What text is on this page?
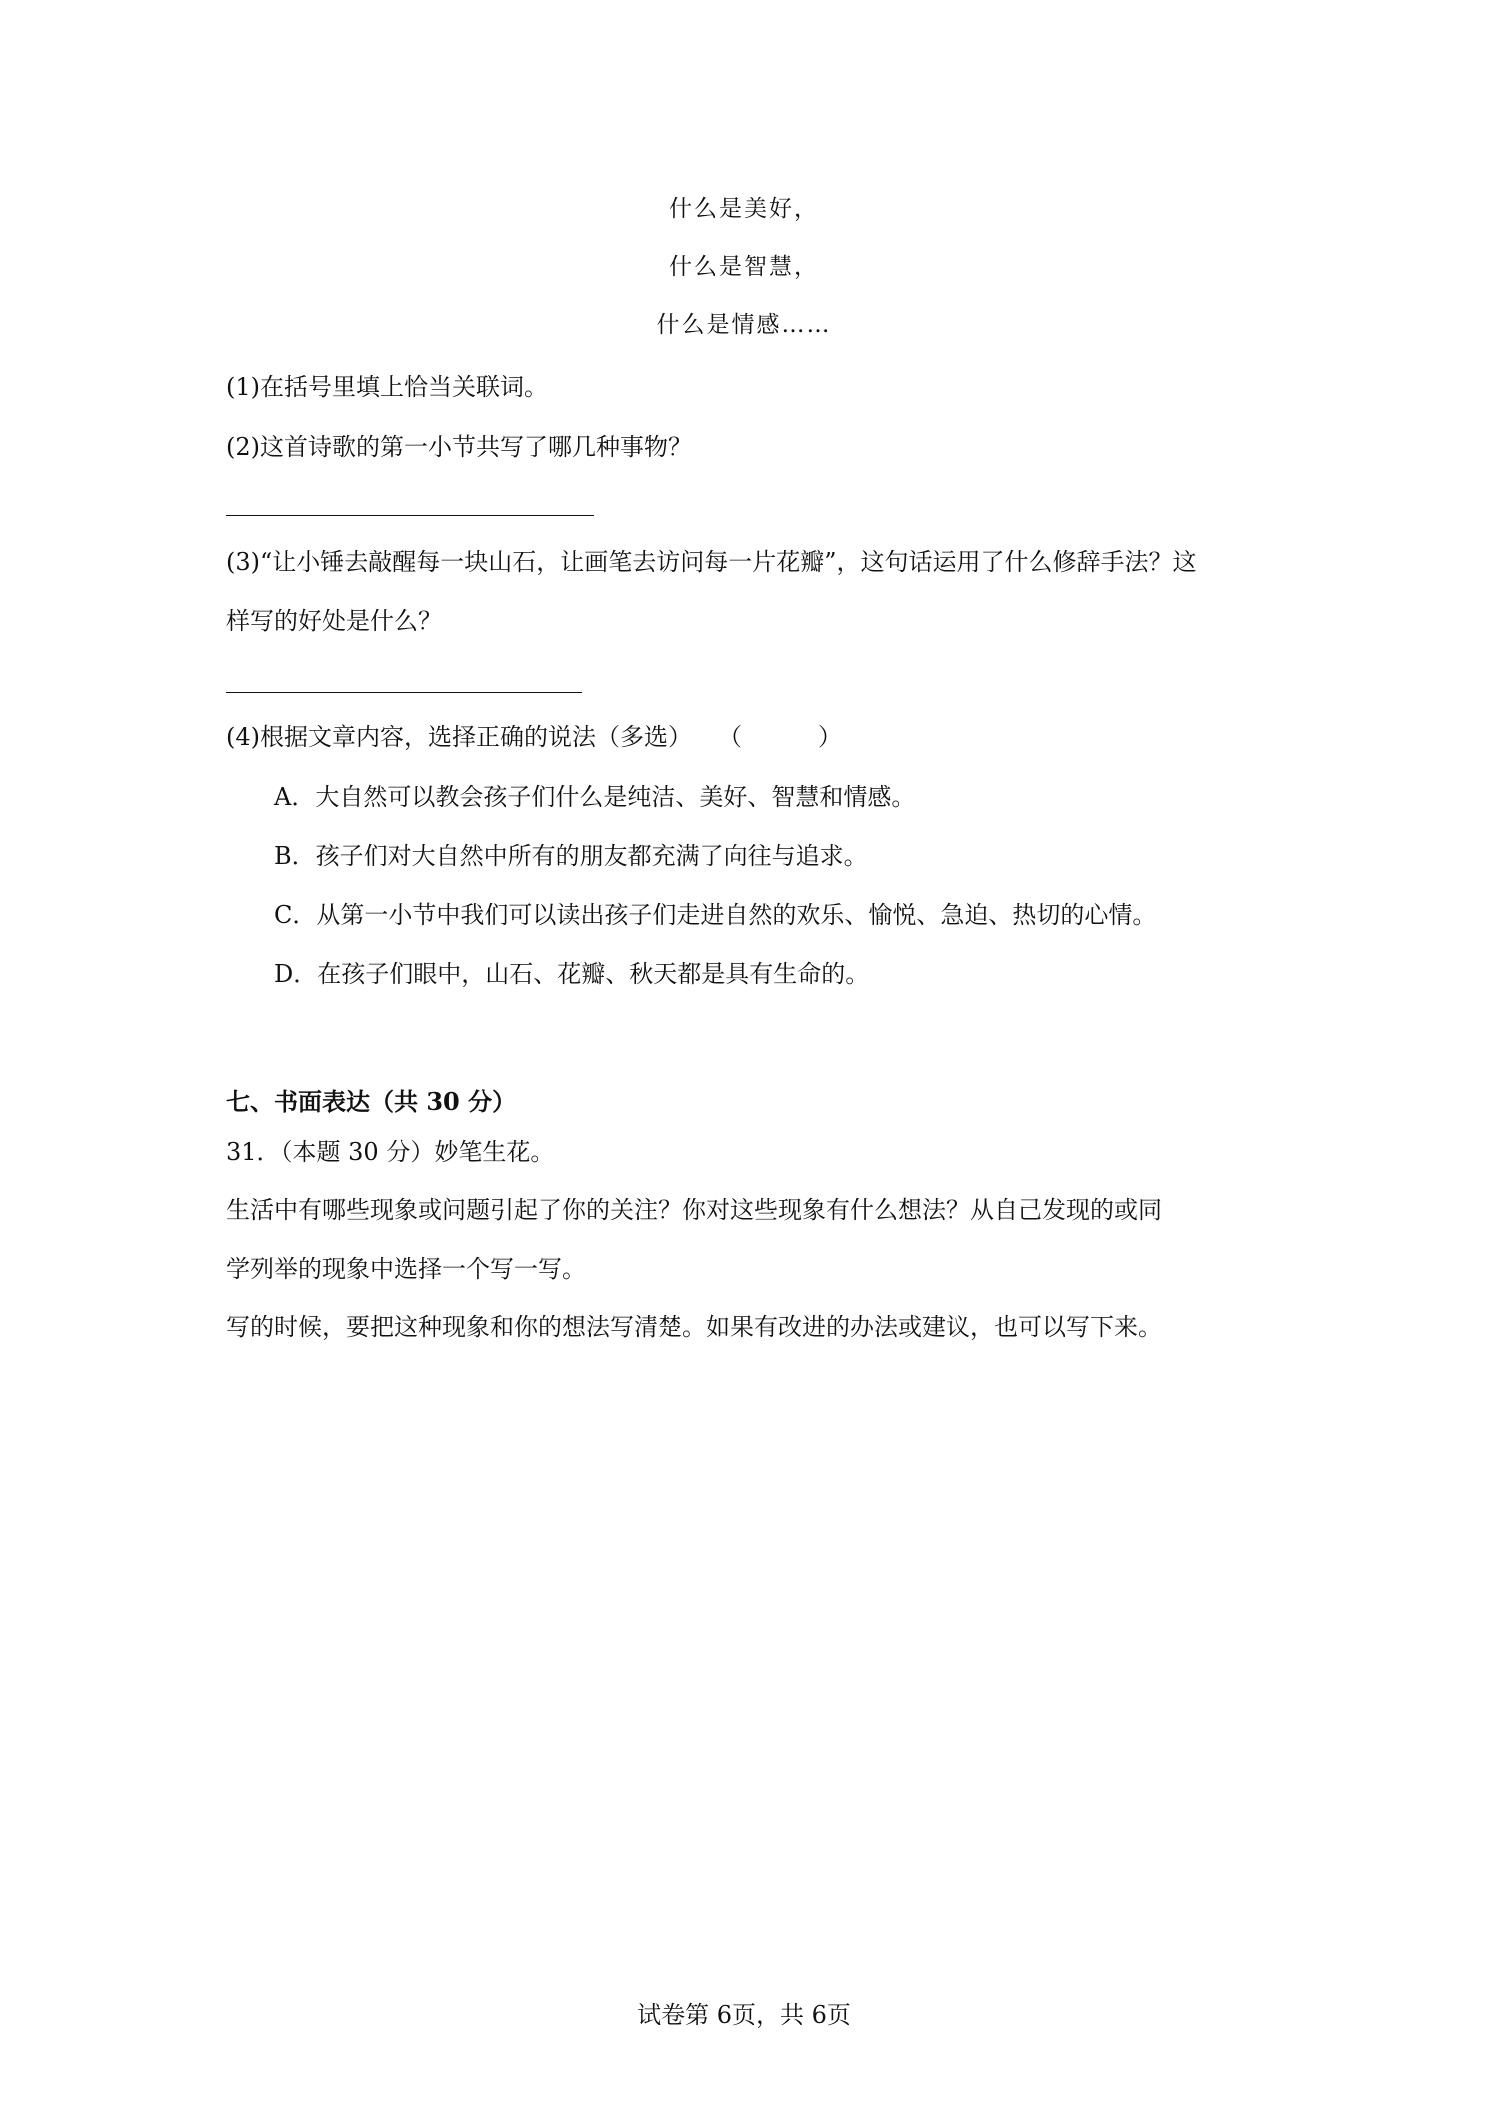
什么是美好，
什么是智慧，
什么是情感……
(1)在括号里填上恰当关联词。
(2)这首诗歌的第一小节共写了哪几种事物？
(3)“让小锤去敲醒每一块山石，让画笔去访问每一片花瓣”，这句话运用了什么修辞手法？这
样写的好处是什么？
(4)根据文章内容，选择正确的说法（多选） （	）
A．大自然可以教会孩子们什么是纯洁、美好、智慧和情感。
B．孩子们对大自然中所有的朋友都充满了向往与追求。
C．从第一小节中我们可以读出孩子们走进自然的欢乐、愉悦、急迫、热切的心情。
D．在孩子们眼中，山石、花瓣、秋天都是具有生命的。
七、书面表达（共 30 分）
31．（本题 30 分）妙笔生花。
生活中有哪些现象或问题引起了你的关注？你对这些现象有什么想法？从自己发现的或同
学列举的现象中选择一个写一写。
写的时候，要把这种现象和你的想法写清楚。如果有改进的办法或建议，也可以写下来。
试卷第 6页，共 6页
